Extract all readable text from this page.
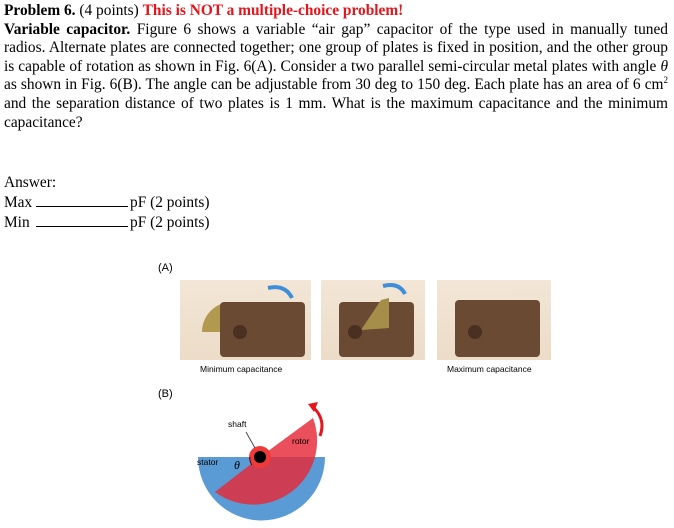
Problem 6. (4 points) This is NOT a multiple-choice problem!
Variable capacitor. Figure 6 shows a variable “air gap” capacitor of the type used in manually tuned radios. Alternate plates are connected together; one group of plates is fixed in position, and the other group is capable of rotation as shown in Fig. 6(A). Consider a two parallel semi-circular metal plates with angle θ as shown in Fig. 6(B). The angle can be adjustable from 30 deg to 150 deg. Each plate has an area of 6 $cm^2$ and the separation distance of two plates is 1 mm. What is the maximum capacitance and the minimum capacitance?
Answer:
Max	pF (2 points)
Min	pF (2 points)
(A)
Minimum capacitance	Maximum capacitance
(B)
shaft
rotor
stator θ
